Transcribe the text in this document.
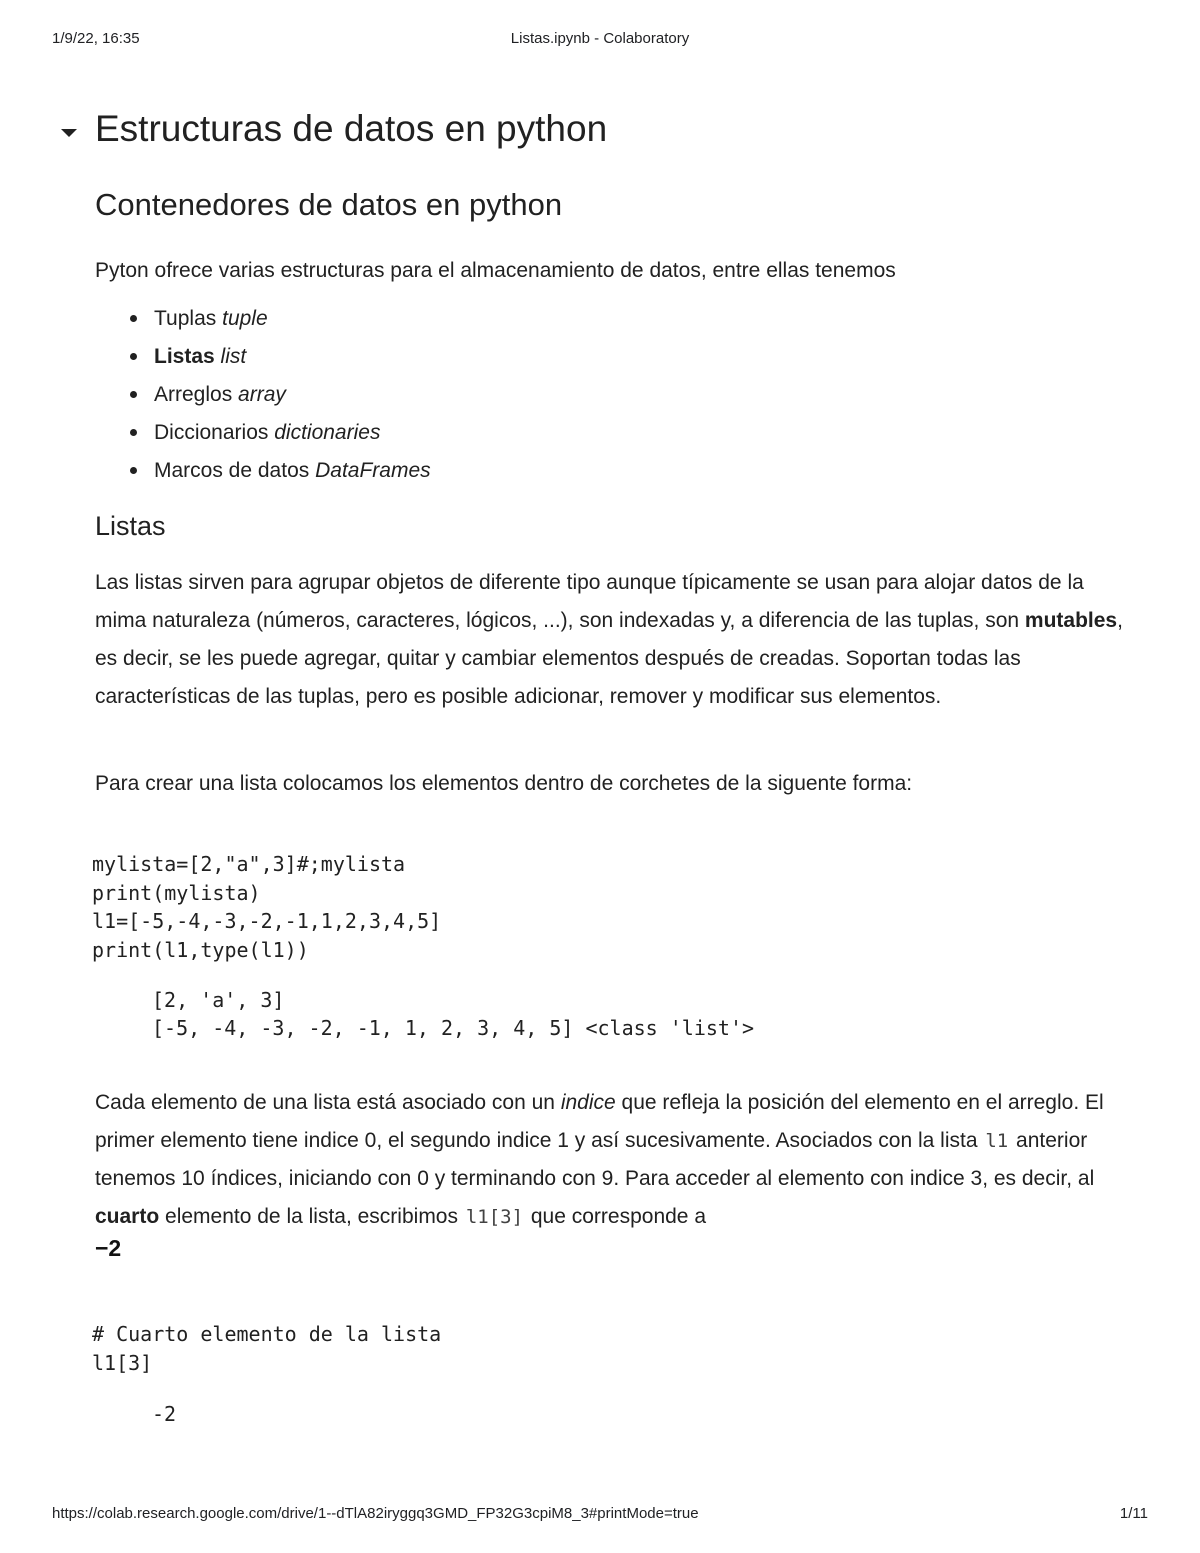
1/9/22, 16:35	Listas.ipynb - Colaboratory
Estructuras de datos en python
Contenedores de datos en python

Pyton ofrece varias estructuras para el almacenamiento de datos, entre ellas tenemos

Tuplas tuple
Listas list
Arreglos array
Diccionarios dictionaries
Marcos de datos DataFrames
Listas

Las listas sirven para agrupar objetos de diferente tipo aunque típicamente se usan para alojar datos de la mima naturaleza (números, caracteres, lógicos, ...), son indexadas y, a diferencia de las tuplas, son mutables, es decir, se les puede agregar, quitar y cambiar elementos después de creadas. Soportan todas las características de las tuplas, pero es posible adicionar, remover y modificar sus elementos.

Para crear una lista colocamos los elementos dentro de corchetes de la siguente forma:

mylista=[2,"a",3]#;mylista
print(mylista)
l1=[-5,-4,-3,-2,-1,1,2,3,4,5]
print(l1,type(l1))
[2, 'a', 3]
[-5, -4, -3, -2, -1, 1, 2, 3, 4, 5] <class 'list'>

Cada elemento de una lista está asociado con un indice que refleja la posición del elemento en el arreglo. El primer elemento tiene indice 0, el segundo indice 1 y así sucesivamente. Asociados con la lista l1 anterior tenemos 10 índices, iniciando con 0 y terminando con 9. Para acceder al elemento con indice 3, es decir, al cuarto elemento de la lista, escribimos l1[3] que corresponde a

−2
# Cuarto elemento de la lista
l1[3]
-2
https://colab.research.google.com/drive/1--dTlA82iryggq3GMD_FP32G3cpiM8_3#printMode=true	1/11
